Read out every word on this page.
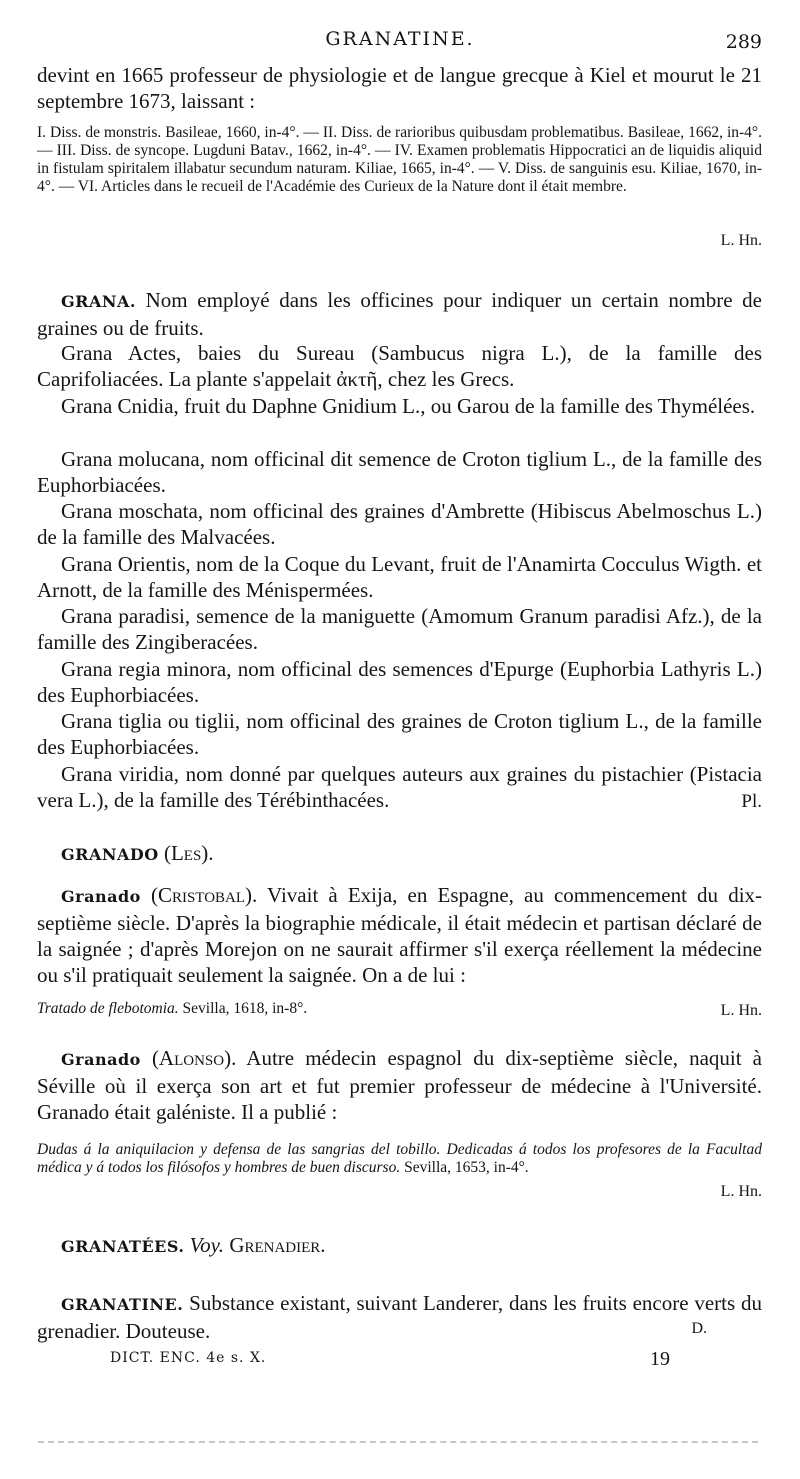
GRANATINE.	289

devint en 1665 professeur de physiologie et de langue grecque à Kiel et mourut le 21 septembre 1673, laissant :

I. Diss. de monstris. Basileae, 1660, in-4°. — II. Diss. de rarioribus quibusdam problematibus. Basileae, 1662, in-4°. — III. Diss. de syncope. Lugduni Batav., 1662, in-4°. — IV. Examen problematis Hippocratici an de liquidis aliquid in fistulam spiritalem illabatur secundum naturam. Kiliae, 1665, in-4°. — V. Diss. de sanguinis esu. Kiliae, 1670, in-4°. — VI. Articles dans le recueil de l'Académie des Curieux de la Nature dont il était membre.

L. Hn.

GRANA. Nom employé dans les officines pour indiquer un certain nombre de graines ou de fruits.

Grana Actes, baies du Sureau (Sambucus nigra L.), de la famille des Caprifoliacées. La plante s'appelait ἀκτῆ, chez les Grecs.

Grana Cnidia, fruit du Daphne Gnidium L., ou Garou de la famille des Thymélées.

Grana molucana, nom officinal dit semence de Croton tiglium L., de la famille des Euphorbiacées.

Grana moschata, nom officinal des graines d'Ambrette (Hibiscus Abelmoschus L.) de la famille des Malvacées.

Grana Orientis, nom de la Coque du Levant, fruit de l'Anamirta Cocculus Wigth. et Arnott, de la famille des Ménispermées.

Grana paradisi, semence de la maniguette (Amomum Granum paradisi Afz.), de la famille des Zingiberacées.

Grana regia minora, nom officinal des semences d'Epurge (Euphorbia Lathyris L.) des Euphorbiacées.

Grana tiglia ou tiglii, nom officinal des graines de Croton tiglium L., de la famille des Euphorbiacées.

Grana viridia, nom donné par quelques auteurs aux graines du pistachier (Pistacia vera L.), de la famille des Térébinthacées.	Pl.

GRANADO (Les).

Granado (Cristobal). Vivait à Exija, en Espagne, au commencement du dix-septième siècle. D'après la biographie médicale, il était médecin et partisan déclaré de la saignée ; d'après Morejon on ne saurait affirmer s'il exerça réellement la médecine ou s'il pratiquait seulement la saignée. On a de lui :

Tratado de flebotomia. Sevilla, 1618, in-8°.	L. Hn.

Granado (Alonso). Autre médecin espagnol du dix-septième siècle, naquit à Séville où il exerça son art et fut premier professeur de médecine à l'Université. Granado était galéniste. Il a publié :

Dudas á la aniquilacion y defensa de las sangrias del tobillo. Dedicadas á todos los profesores de la Facultad médica y á todos los filósofos y hombres de buen discurso. Sevilla, 1653, in-4°.

L. Hn.

GRANATÉES. Voy. Grenadier.

GRANATINE. Substance existant, suivant Landerer, dans les fruits encore verts du grenadier. Douteuse.	D.

DICT. ENC. 4e s. X.	19
